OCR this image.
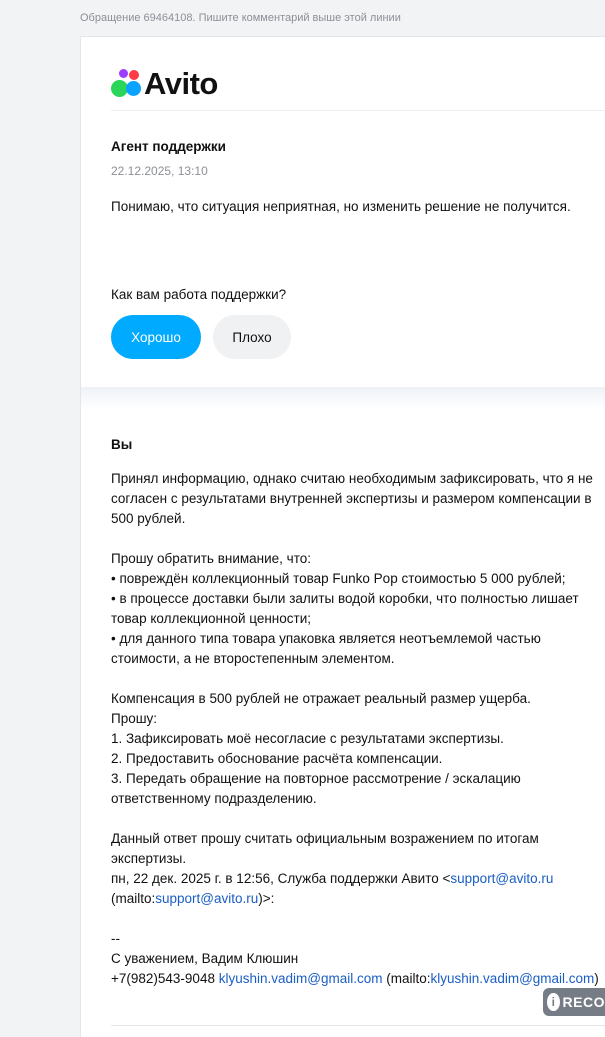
Обращение 69464108. Пишите комментарий выше этой линии
Avito
Агент поддержки
22.12.2025, 13:10
Понимаю, что ситуация неприятная, но изменить решение не получится.
Как вам работа поддержки?
Хорошо	Плохо
Вы

Принял информацию, однако считаю необходимым зафиксировать, что я не согласен с результатами внутренней экспертизы и размером компенсации в 500 рублей.

Прошу обратить внимание, что:

• повреждён коллекционный товар Funko Pop стоимостью 5 000 рублей;

• в процессе доставки были залиты водой коробки, что полностью лишает товар коллекционной ценности;

• для данного типа товара упаковка является неотъемлемой частью стоимости, а не второстепенным элементом.

Компенсация в 500 рублей не отражает реальный размер ущерба.

Прошу:

1. Зафиксировать моё несогласие с результатами экспертизы.

2. Предоставить обоснование расчёта компенсации.

3. Передать обращение на повторное рассмотрение / эскалацию ответственному подразделению.

Данный ответ прошу считать официальным возражением по итогам экспертизы.

пн, 22 дек. 2025 г. в 12:56, Служба поддержки Авито <support@avito.ru

(mailto:support@avito.ru)>:

--

С уважением, Вадим Клюшин

+7(982)543-9048 klyushin.vadim@gmail.com (mailto:klyushin.vadim@gmail.com)

i RECO
